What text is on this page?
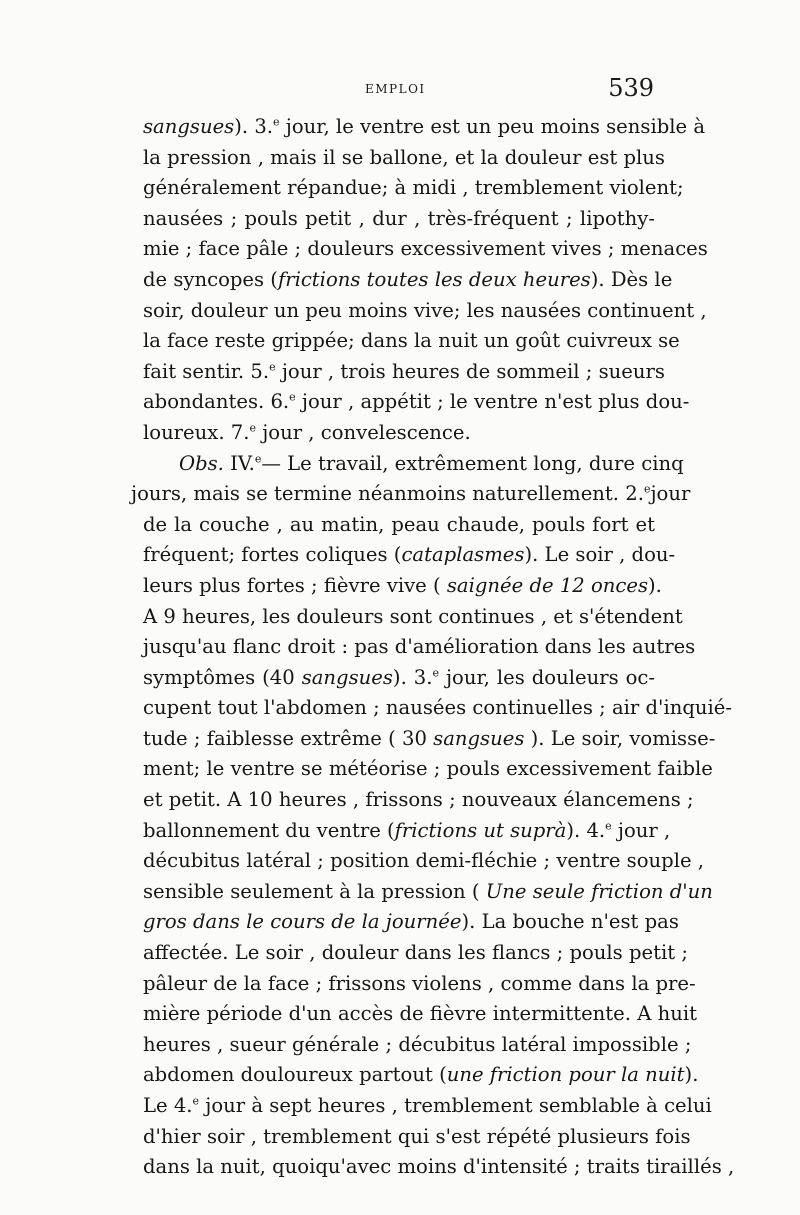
EMPLOI	539
sangsues). 3.$^e$ jour, le ventre est un peu moins sensible à
la pression , mais il se ballone, et la douleur est plus
généralement répandue; à midi , tremblement violent;
nausées ; pouls petit , dur , très-fréquent ; lipothy-
mie ; face pâle ; douleurs excessivement vives ; menaces
de syncopes (frictions toutes les deux heures). Dès le
soir, douleur un peu moins vive; les nausées continuent ,
la face reste grippée; dans la nuit un goût cuivreux se
fait sentir. 5.$^e$ jour , trois heures de sommeil ; sueurs
abondantes. 6.$^e$ jour , appétit ; le ventre n'est plus dou-
loureux. 7.$^e$ jour , convelescence.
Obs. IV.$^e$— Le travail, extrêmement long, dure cinq
jours, mais se termine néanmoins naturellement. 2.$^e$jour
de la couche , au matin, peau chaude, pouls fort et
fréquent; fortes coliques (cataplasmes). Le soir , dou-
leurs plus fortes ; fièvre vive ( saignée de 12 onces).
A 9 heures, les douleurs sont continues , et s'étendent
jusqu'au flanc droit : pas d'amélioration dans les autres
symptômes (40 sangsues). 3.$^e$ jour, les douleurs oc-
cupent tout l'abdomen ; nausées continuelles ; air d'inquié-
tude ; faiblesse extrême ( 30 sangsues ). Le soir, vomisse-
ment; le ventre se météorise ; pouls excessivement faible
et petit. A 10 heures , frissons ; nouveaux élancemens ;
ballonnement du ventre (frictions ut suprà). 4.$^e$ jour ,
décubitus latéral ; position demi-fléchie ; ventre souple ,
sensible seulement à la pression ( Une seule friction d'un
gros dans le cours de la journée). La bouche n'est pas
affectée. Le soir , douleur dans les flancs ; pouls petit ;
pâleur de la face ; frissons violens , comme dans la pre-
mière période d'un accès de fièvre intermittente. A huit
heures , sueur générale ; décubitus latéral impossible ;
abdomen douloureux partout (une friction pour la nuit).
Le 4.$^e$ jour à sept heures , tremblement semblable à celui
d'hier soir , tremblement qui s'est répété plusieurs fois
dans la nuit, quoiqu'avec moins d'intensité ; traits tiraillés ,
